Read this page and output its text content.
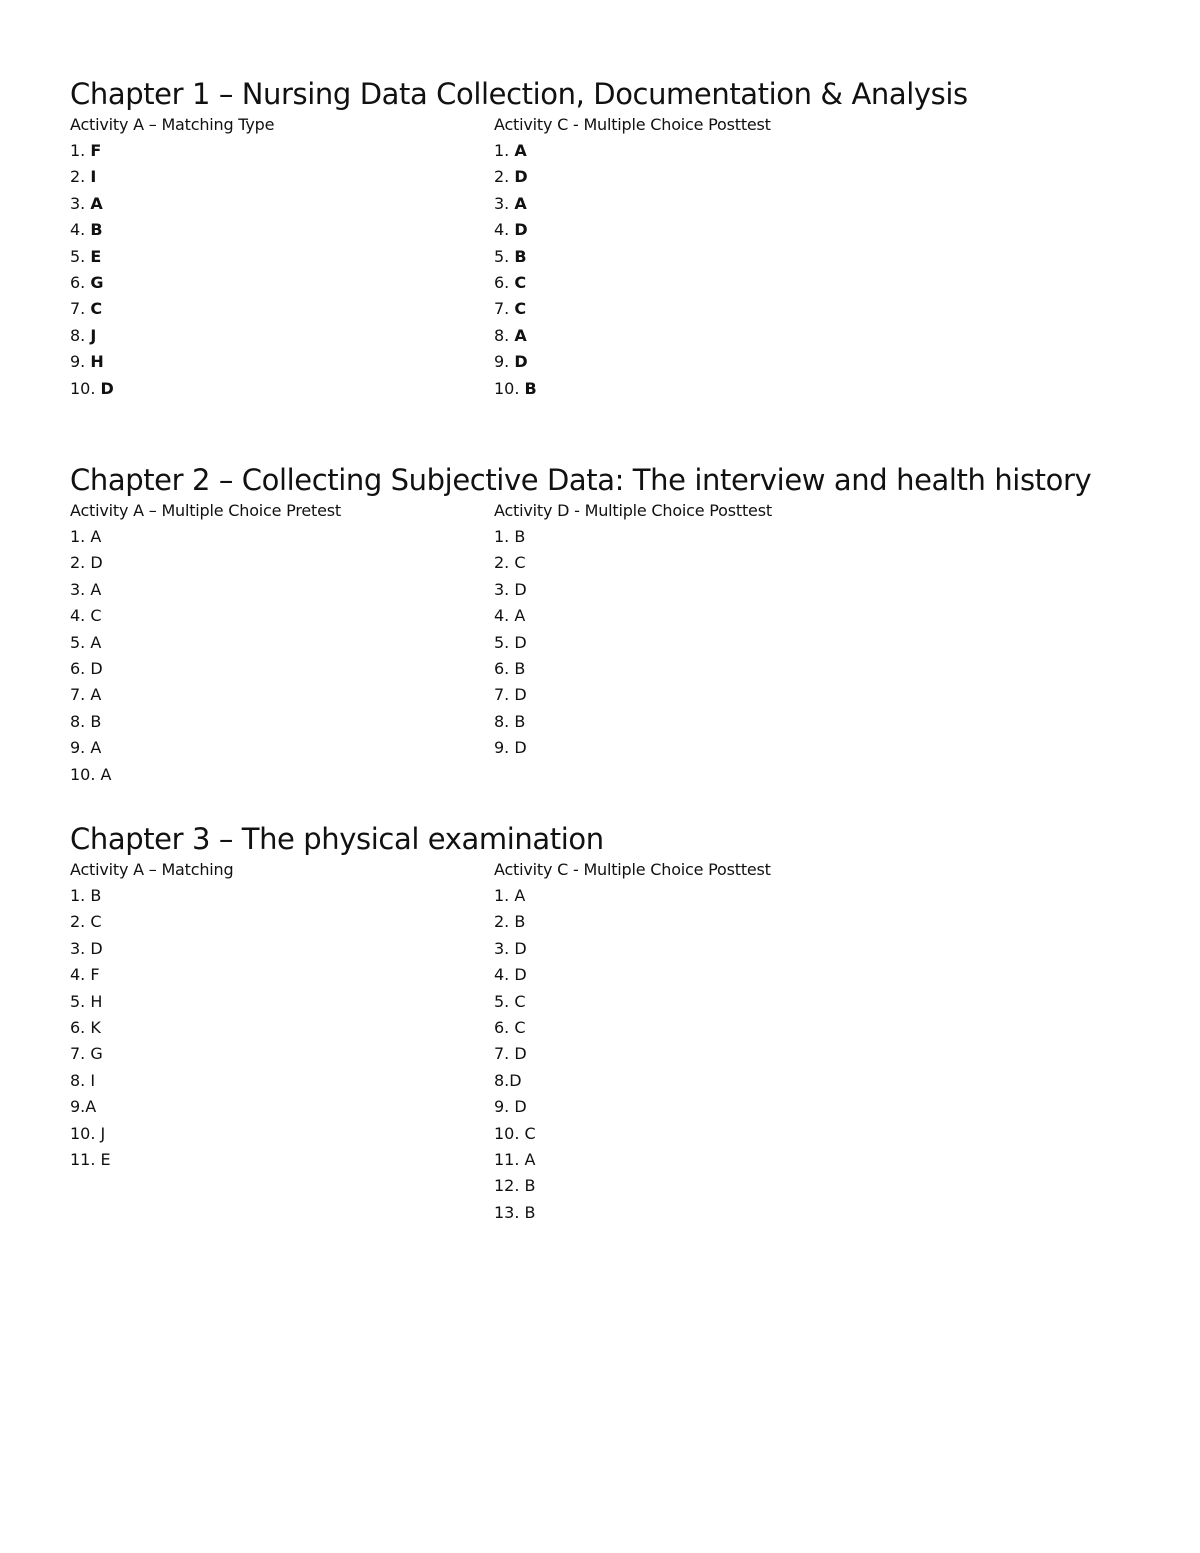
Chapter 1 – Nursing Data Collection, Documentation & Analysis
Activity A – Matching Type
1. F
2. I
3. A
4. B
5. E
6. G
7. C
8. J
9. H
10. D
Activity C - Multiple Choice Posttest
1. A
2. D
3. A
4. D
5. B
6. C
7. C
8. A
9. D
10. B
Chapter 2 – Collecting Subjective Data: The interview and health history
Activity A – Multiple Choice Pretest
1. A
2. D
3. A
4. C
5. A
6. D
7. A
8. B
9. A
10. A
Activity D - Multiple Choice Posttest
1. B
2. C
3. D
4. A
5. D
6. B
7. D
8. B
9. D
Chapter 3 – The physical examination
Activity A – Matching
1. B
2. C
3. D
4. F
5. H
6. K
7. G
8. I
9.A
10. J
11. E
Activity C - Multiple Choice Posttest
1. A
2. B
3. D
4. D
5. C
6. C
7. D
8.D
9. D
10. C
11. A
12. B
13. B
